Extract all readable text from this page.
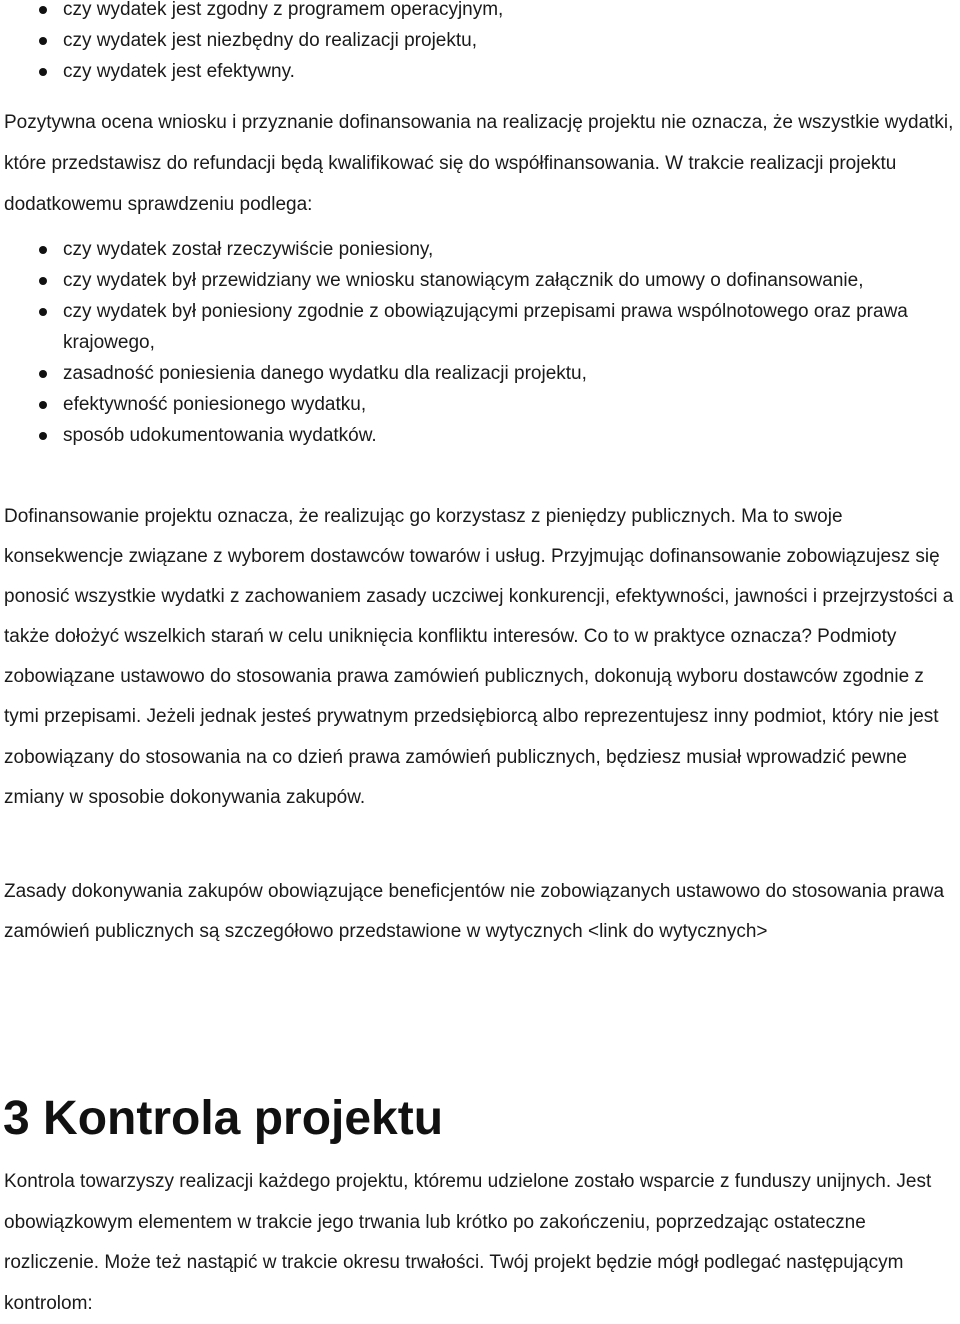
czy wydatek jest zgodny z programem operacyjnym,
czy wydatek jest niezbędny do realizacji projektu,
czy wydatek jest efektywny.

Pozytywna ocena wniosku i przyznanie dofinansowania na realizację projektu nie oznacza, że wszystkie wydatki, które przedstawisz do refundacji będą kwalifikować się do współfinansowania. W trakcie realizacji projektu dodatkowemu sprawdzeniu podlega:

czy wydatek został rzeczywiście poniesiony,
czy wydatek był przewidziany we wniosku stanowiącym załącznik do umowy o dofinansowanie,
czy wydatek był poniesiony zgodnie z obowiązującymi przepisami prawa wspólnotowego oraz prawa krajowego,
zasadność poniesienia danego wydatku dla realizacji projektu,
efektywność poniesionego wydatku,
sposób udokumentowania wydatków.

Dofinansowanie projektu oznacza, że realizując go korzystasz z pieniędzy publicznych. Ma to swoje konsekwencje związane z wyborem dostawców towarów i usług. Przyjmując dofinansowanie zobowiązujesz się ponosić wszystkie wydatki z zachowaniem zasady uczciwej konkurencji, efektywności, jawności i przejrzystości a także dołożyć wszelkich starań w celu uniknięcia konfliktu interesów. Co to w praktyce oznacza? Podmioty zobowiązane ustawowo do stosowania prawa zamówień publicznych, dokonują wyboru dostawców zgodnie z tymi przepisami. Jeżeli jednak jesteś prywatnym przedsiębiorcą albo reprezentujesz inny podmiot, który nie jest zobowiązany do stosowania na co dzień prawa zamówień publicznych, będziesz musiał wprowadzić pewne zmiany w sposobie dokonywania zakupów.

Zasady dokonywania zakupów obowiązujące beneficjentów nie zobowiązanych ustawowo do stosowania prawa zamówień publicznych są szczegółowo przedstawione w wytycznych <link do wytycznych>

3 Kontrola projektu

Kontrola towarzyszy realizacji każdego projektu, któremu udzielone zostało wsparcie z funduszy unijnych. Jest obowiązkowym elementem w trakcie jego trwania lub krótko po zakończeniu, poprzedzając ostateczne rozliczenie. Może też nastąpić w trakcie okresu trwałości. Twój projekt będzie mógł podlegać następującym kontrolom:
